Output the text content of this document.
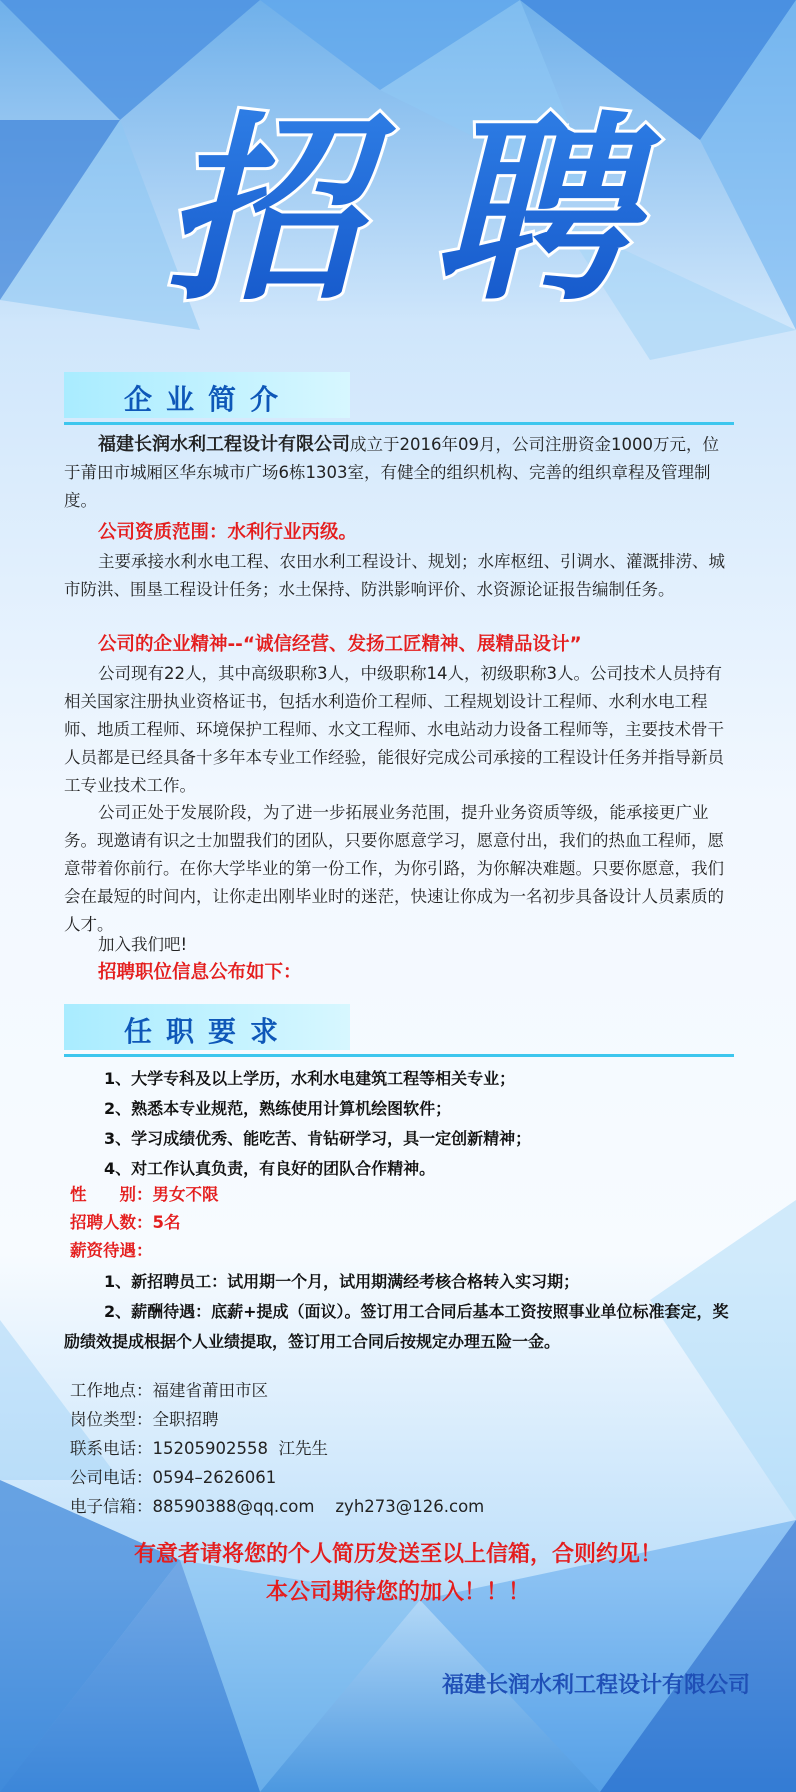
招 聘
企业简介
福建长润水利工程设计有限公司成立于2016年09月，公司注册资金1000万元，位于莆田市城厢区华东城市广场6栋1303室，有健全的组织机构、完善的组织章程及管理制度。
公司资质范围：水利行业丙级。
主要承接水利水电工程、农田水利工程设计、规划；水库枢纽、引调水、灌溉排涝、城市防洪、围垦工程设计任务；水土保持、防洪影响评价、水资源论证报告编制任务。
公司的企业精神--“诚信经营、发扬工匠精神、展精品设计”
公司现有22人，其中高级职称3人，中级职称14人，初级职称3人。公司技术人员持有相关国家注册执业资格证书，包括水利造价工程师、工程规划设计工程师、水利水电工程师、地质工程师、环境保护工程师、水文工程师、水电站动力设备工程师等，主要技术骨干人员都是已经具备十多年本专业工作经验，能很好完成公司承接的工程设计任务并指导新员工专业技术工作。
公司正处于发展阶段，为了进一步拓展业务范围，提升业务资质等级，能承接更广业务。现邀请有识之士加盟我们的团队，只要你愿意学习，愿意付出，我们的热血工程师，愿意带着你前行。在你大学毕业的第一份工作，为你引路，为你解决难题。只要你愿意，我们会在最短的时间内，让你走出刚毕业时的迷茫，快速让你成为一名初步具备设计人员素质的人才。
加入我们吧!
招聘职位信息公布如下：
任职要求
1、大学专科及以上学历，水利水电建筑工程等相关专业；
2、熟悉本专业规范，熟练使用计算机绘图软件；
3、学习成绩优秀、能吃苦、肯钻研学习，具一定创新精神；
4、对工作认真负责，有良好的团队合作精神。
性　　别：男女不限
招聘人数：5名
薪资待遇：
1、新招聘员工：试用期一个月，试用期满经考核合格转入实习期；
2、薪酬待遇：底薪+提成（面议）。签订用工合同后基本工资按照事业单位标准套定，奖励绩效提成根据个人业绩提取，签订用工合同后按规定办理五险一金。
工作地点：福建省莆田市区
岗位类型：全职招聘
联系电话：15205902558  江先生
公司电话：0594–2626061
电子信箱：88590388@qq.com    zyh273@126.com
有意者请将您的个人简历发送至以上信箱，合则约见！
本公司期待您的加入！！！
福建长润水利工程设计有限公司
